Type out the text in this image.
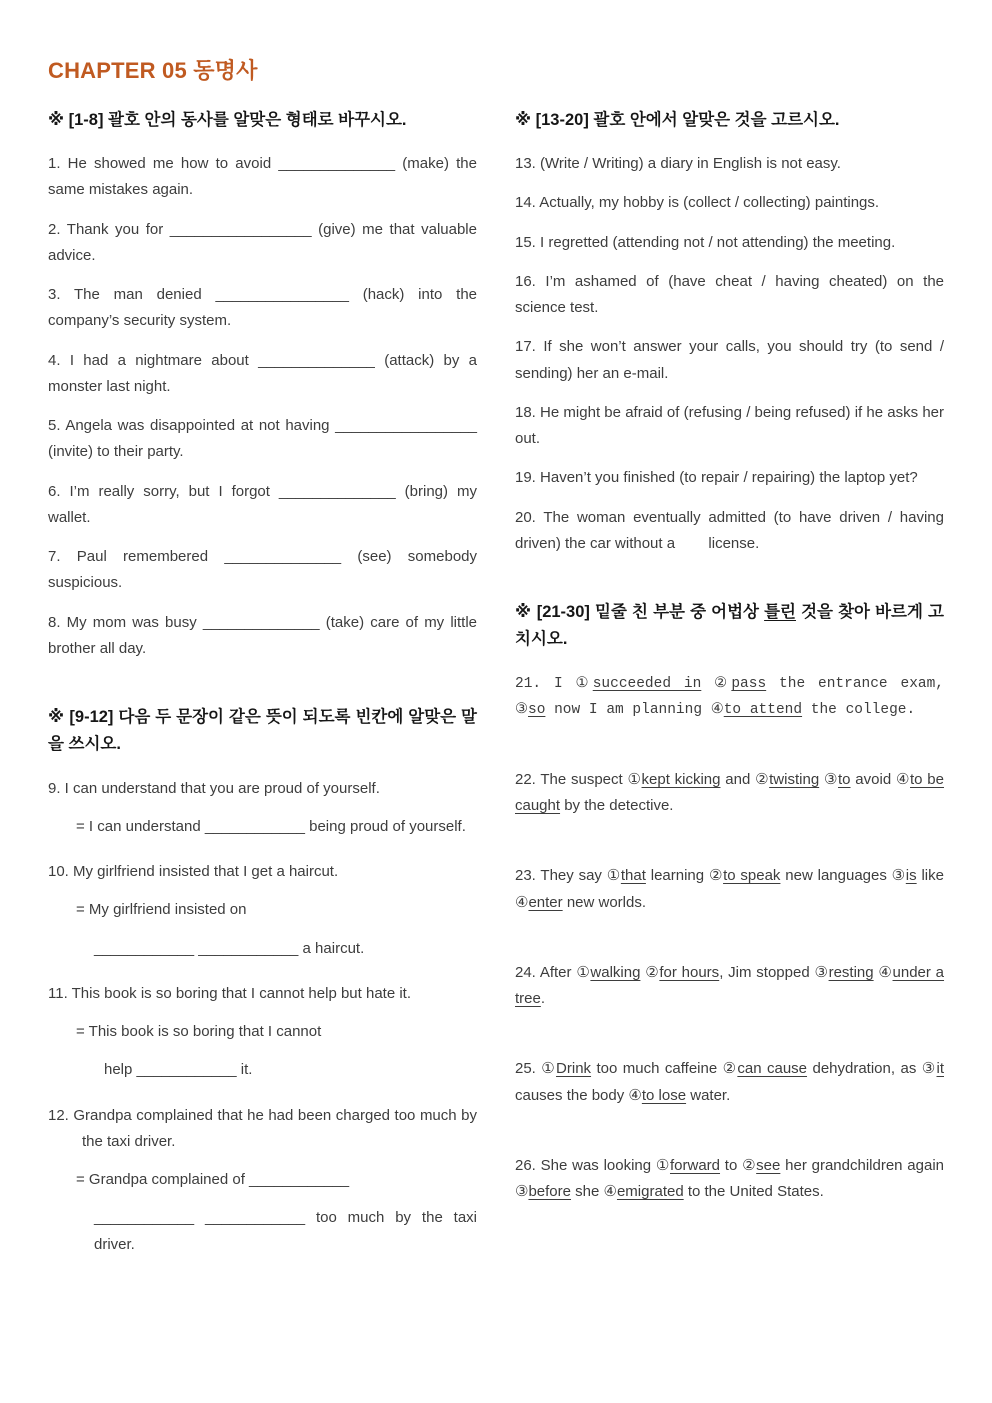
CHAPTER 05 동명사
※ [1-8] 괄호 안의 동사를 알맞은 형태로 바꾸시오.

1. He showed me how to avoid ______________ (make) the same mistakes again.

2. Thank you for _________________ (give) me that valuable advice.

3. The man denied ________________ (hack) into the company’s security system.

4. I had a nightmare about ______________ (attack) by a monster last night.

5. Angela was disappointed at not having _________________ (invite) to their party.

6. I’m really sorry, but I forgot ______________ (bring) my wallet.

7. Paul remembered ______________ (see) somebody suspicious.

8. My mom was busy ______________ (take) care of my little brother all day.

※ [9-12] 다음 두 문장이 같은 뜻이 되도록 빈칸에 알맞은 말을 쓰시오.

9. I can understand that you are proud of yourself.

= I can understand ____________ being proud of yourself.

10. My girlfriend insisted that I get a haircut.

= My girlfriend insisted on

____________ ____________ a haircut.

11. This book is so boring that I cannot help but hate it.

= This book is so boring that I cannot

help ____________ it.

12. Grandpa complained that he had been charged too much by the taxi driver.

= Grandpa complained of ____________

____________ ____________ too much by the taxi driver.

※ [13-20] 괄호 안에서 알맞은 것을 고르시오.

13. (Write / Writing) a diary in English is not easy.

14. Actually, my hobby is (collect / collecting) paintings.

15. I regretted (attending not / not attending) the meeting.

16. I’m ashamed of (have cheat / having cheated) on the science test.

17. If she won’t answer your calls, you should try (to send / sending) her an e-mail.

18. He might be afraid of (refusing / being refused) if he asks her out.

19. Haven’t you finished (to repair / repairing) the laptop yet?

20. The woman eventually admitted (to have driven / having driven) the car without a        license.

※ [21-30] 밑줄 친 부분 중 어법상 틀린 것을 찾아 바르게 고치시오.

21. I ①succeeded in ②pass the entrance exam, ③so now I am planning ④to attend the college.

22. The suspect ①kept kicking and ②twisting ③to avoid ④to be caught by the detective.

23. They say ①that learning ②to speak new languages ③is like ④enter new worlds.

24. After ①walking ②for hours, Jim stopped ③resting ④under a tree.

25. ①Drink too much caffeine ②can cause dehydration, as ③it causes the body ④to lose water.

26. She was looking ①forward to ②see her grandchildren again ③before she ④emigrated to the United States.
